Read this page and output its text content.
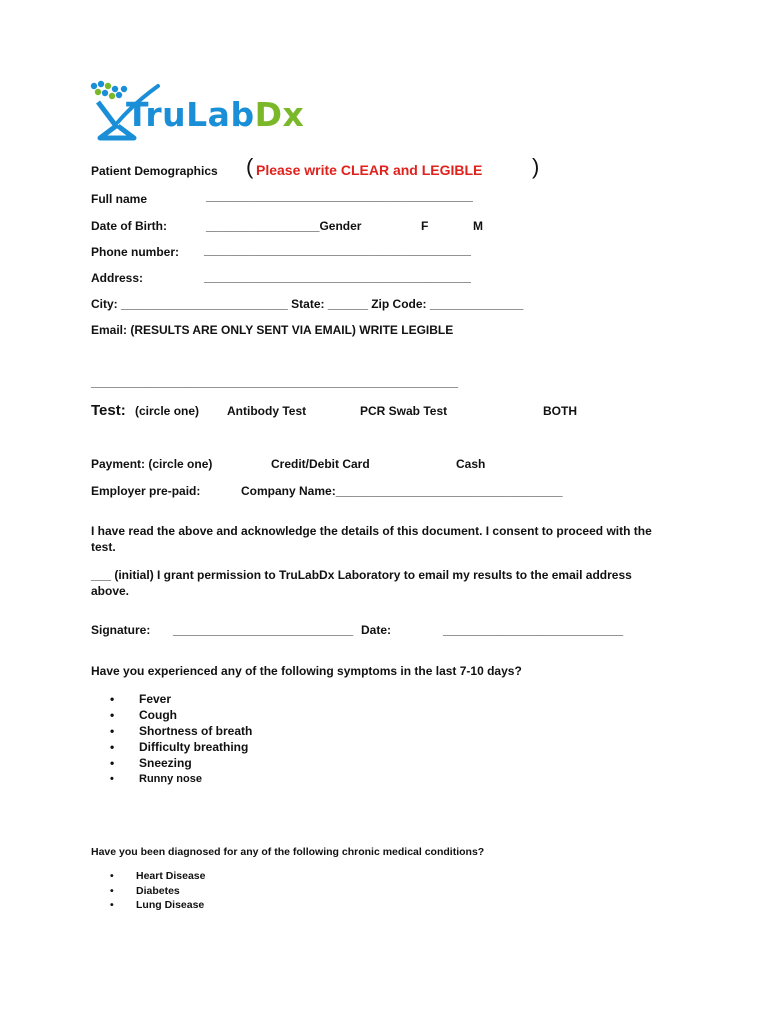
TruLabDx
Patient Demographics ( Please write CLEAR and LEGIBLE )
Full name	________________________________________
Date of Birth:	_________________Gender	F	M
Phone number: ________________________________________
Address:	________________________________________
City: _________________________ State: ______ Zip Code: ______________
Email: (RESULTS ARE ONLY SENT VIA EMAIL) WRITE LEGIBLE
_______________________________________________________
Test: (circle one) Antibody Test	PCR Swab Test	BOTH
Payment: (circle one)	Credit/Debit Card	Cash
Employer pre-paid:	Company Name:__________________________________
I have read the above and acknowledge the details of this document. I consent to proceed with the test.
___ (initial) I grant permission to TruLabDx Laboratory to email my results to the email address above.
Signature: ___________________________ Date:	___________________________
Have you experienced any of the following symptoms in the last 7-10 days?
• Fever
• Cough
• Shortness of breath
• Difficulty breathing
• Sneezing
• Runny nose
Have you been diagnosed for any of the following chronic medical conditions?
• Heart Disease
• Diabetes
• Lung Disease
